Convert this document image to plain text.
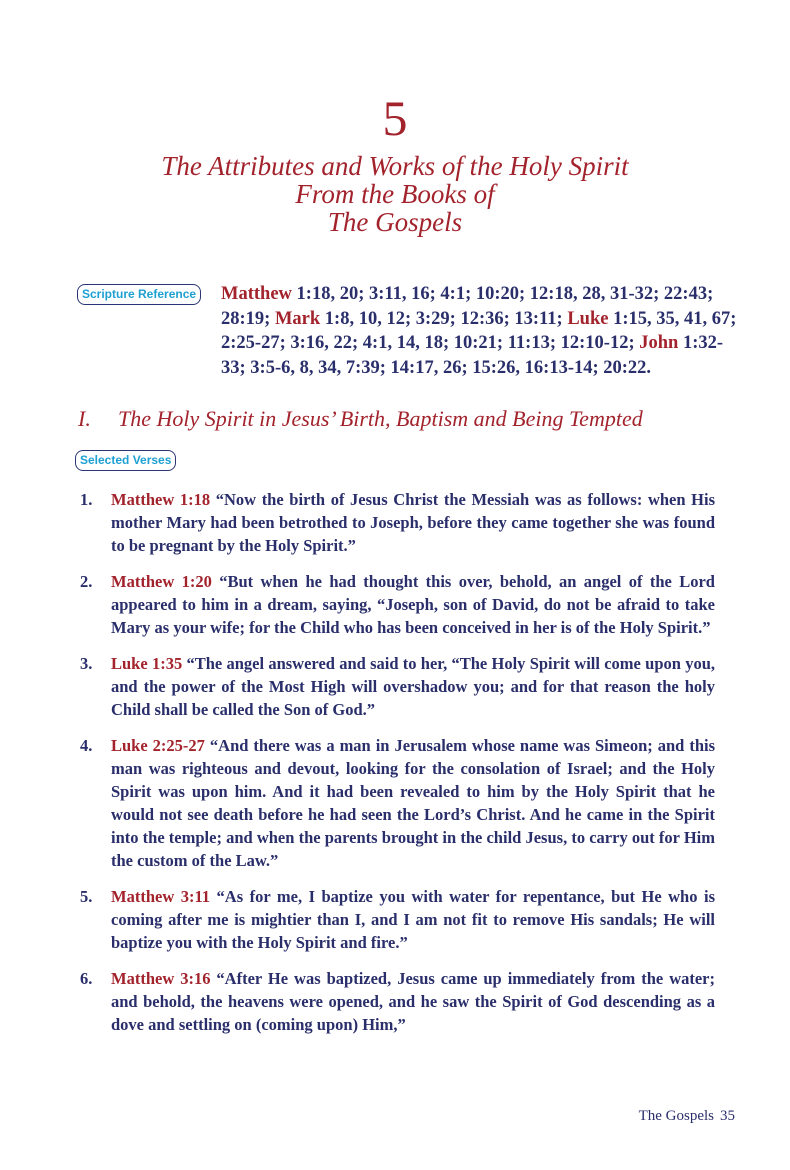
5
The Attributes and Works of the Holy Spirit
From the Books of
The Gospels
Scripture Reference Matthew 1:18, 20; 3:11, 16; 4:1; 10:20; 12:18, 28, 31-32; 22:43; 28:19; Mark 1:8, 10, 12; 3:29; 12:36; 13:11; Luke 1:15, 35, 41, 67; 2:25-27; 3:16, 22; 4:1, 14, 18; 10:21; 11:13; 12:10-12; John 1:32-33; 3:5-6, 8, 34, 7:39; 14:17, 26; 15:26, 16:13-14; 20:22.
I. The Holy Spirit in Jesus’ Birth, Baptism and Being Tempted
Selected Verses
1. Matthew 1:18 “Now the birth of Jesus Christ the Messiah was as follows: when His mother Mary had been betrothed to Joseph, before they came together she was found to be pregnant by the Holy Spirit.”
2. Matthew 1:20 “But when he had thought this over, behold, an angel of the Lord appeared to him in a dream, saying, “Joseph, son of David, do not be afraid to take Mary as your wife; for the Child who has been conceived in her is of the Holy Spirit.”
3. Luke 1:35 “The angel answered and said to her, “The Holy Spirit will come upon you, and the power of the Most High will overshadow you; and for that reason the holy Child shall be called the Son of God.”
4. Luke 2:25-27 “And there was a man in Jerusalem whose name was Simeon; and this man was righteous and devout, looking for the consolation of Israel; and the Holy Spirit was upon him. And it had been revealed to him by the Holy Spirit that he would not see death before he had seen the Lord’s Christ. And he came in the Spirit into the temple; and when the parents brought in the child Jesus, to carry out for Him the custom of the Law.”
5. Matthew 3:11 “As for me, I baptize you with water for repentance, but He who is coming after me is mightier than I, and I am not fit to remove His sandals; He will baptize you with the Holy Spirit and fire.”
6. Matthew 3:16 “After He was baptized, Jesus came up immediately from the water; and behold, the heavens were opened, and he saw the Spirit of God descending as a dove and settling on (coming upon) Him,”
The Gospels 35
